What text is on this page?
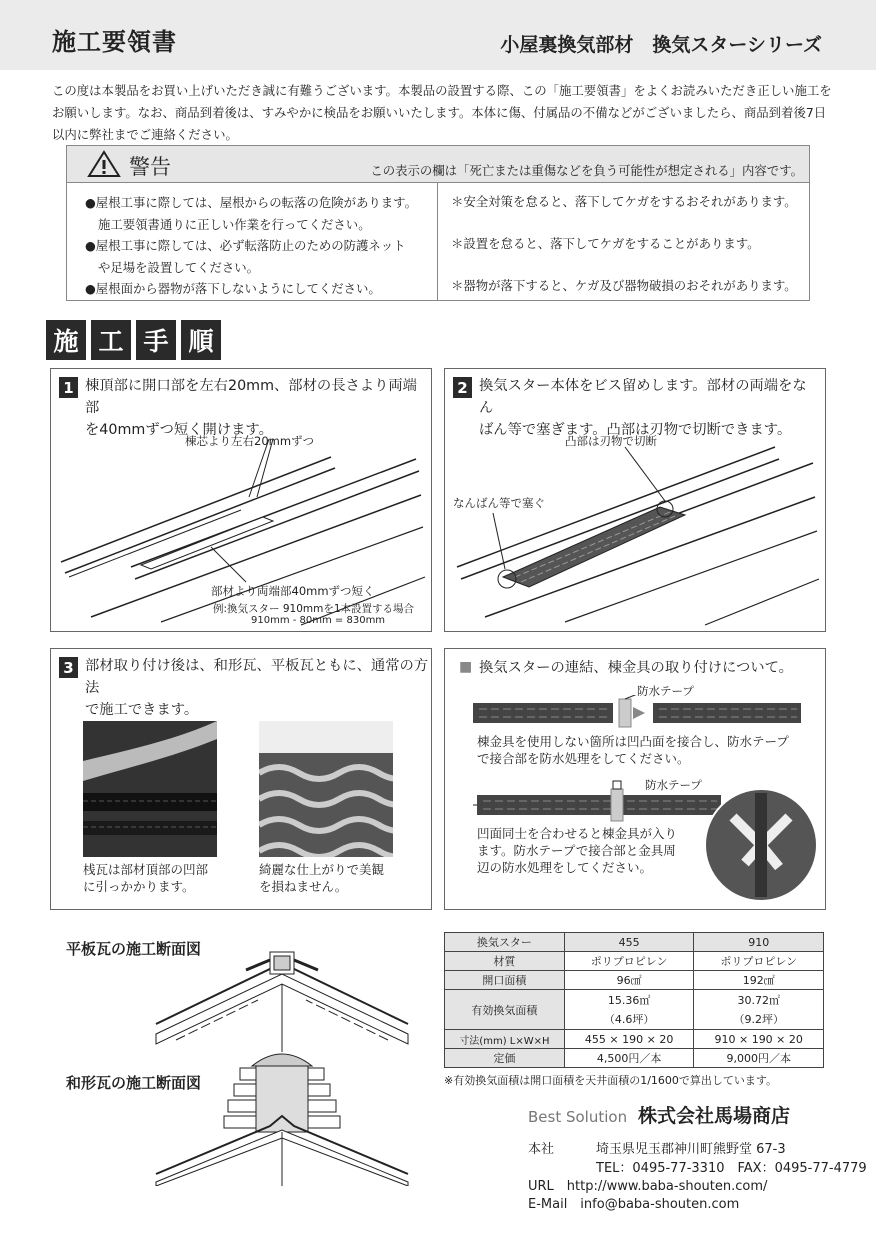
施工要領書	小屋裏換気部材　換気スターシリーズ
この度は本製品をお買い上げいただき誠に有難うございます。本製品の設置する際、この「施工要領書」をよくお読みいただき正しい施工をお願いします。なお、商品到着後は、すみやかに検品をお願いいたします。本体に傷、付属品の不備などがございましたら、商品到着後7日以内に弊社までご連絡ください。
警告	この表示の欄は「死亡または重傷などを負う可能性が想定される」内容です。
●屋根工事に際しては、屋根からの転落の危険があります。
施工要領書通りに正しい作業を行ってください。
●屋根工事に際しては、必ず転落防止のための防護ネット
や足場を設置してください。
●屋根面から器物が落下しないようにしてください。
＊安全対策を怠ると、落下してケガをするおそれがあります。
＊設置を怠ると、落下してケガをすることがあります。
＊器物が落下すると、ケガ及び器物破損のおそれがあります。
施 工 手 順
1 棟頂部に開口部を左右20mm、部材の長さより両端部
を40mmずつ短く開けます。
棟芯より左右20mmずつ
部材より両端部40mmずつ短く
例:換気スター 910mmを1本設置する場合
910mm - 80mm = 830mm
2 換気スター本体をビス留めします。部材の両端をなん
ばん等で塞ぎます。凸部は刃物で切断できます。
凸部は刃物で切断
なんばん等で塞ぐ
3 部材取り付け後は、和形瓦、平板瓦ともに、通常の方法
で施工できます。
桟瓦は部材頂部の凹部
に引っかかります。
綺麗な仕上がりで美観
を損ねません。
■ 換気スターの連結、棟金具の取り付けについて。
防水テープ
棟金具を使用しない箇所は凹凸面を接合し、防水テープ
で接合部を防水処理をしてください。
防水テープ
凹面同士を合わせると棟金具が入り
ます。防水テープで接合部と金具周
辺の防水処理をしてください。
平板瓦の施工断面図
和形瓦の施工断面図
換気スター	455	910
材質	ポリプロピレン	ポリプロピレン
開口面積	96㎠	192㎠
有効換気面積	15.36㎡	30.72㎡
	（4.6坪）	（9.2坪）
寸法(mm) L×W×H	455 × 190 × 20	910 × 190 × 20
定価	4,500円／本	9,000円／本
※有効換気面積は開口面積を天井面積の1/1600で算出しています。
Best Solution 株式会社馬場商店
本社	埼玉県児玉郡神川町熊野堂 67-3
TEL：0495-77-3310　FAX：0495-77-4779
URL　http://www.baba-shouten.com/
E-Mail　info@baba-shouten.com
